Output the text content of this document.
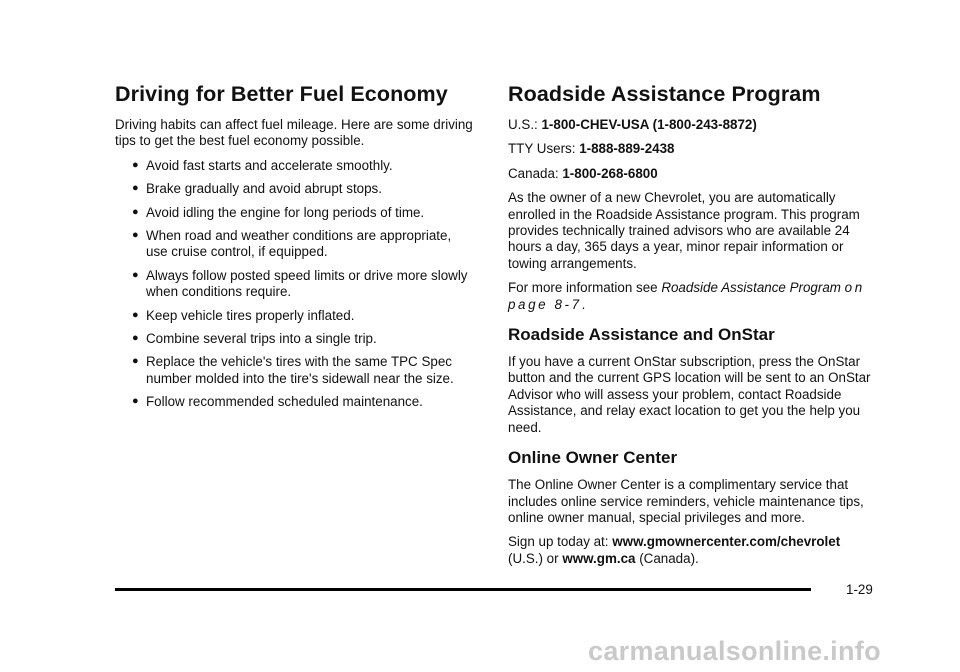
Driving for Better Fuel Economy

Driving habits can affect fuel mileage. Here are some driving tips to get the best fuel economy possible.

● Avoid fast starts and accelerate smoothly.
● Brake gradually and avoid abrupt stops.
● Avoid idling the engine for long periods of time.
● When road and weather conditions are appropriate, use cruise control, if equipped.
● Always follow posted speed limits or drive more slowly when conditions require.
● Keep vehicle tires properly inflated.
● Combine several trips into a single trip.
● Replace the vehicle's tires with the same TPC Spec number molded into the tire's sidewall near the size.
● Follow recommended scheduled maintenance.
Roadside Assistance Program

U.S.: 1-800-CHEV-USA (1-800-243-8872)

TTY Users: 1-888-889-2438

Canada: 1-800-268-6800

As the owner of a new Chevrolet, you are automatically enrolled in the Roadside Assistance program. This program provides technically trained advisors who are available 24 hours a day, 365 days a year, minor repair information or towing arrangements.

For more information see Roadside Assistance Program on page 8-7.

Roadside Assistance and OnStar

If you have a current OnStar subscription, press the OnStar button and the current GPS location will be sent to an OnStar Advisor who will assess your problem, contact Roadside Assistance, and relay exact location to get you the help you need.

Online Owner Center

The Online Owner Center is a complimentary service that includes online service reminders, vehicle maintenance tips, online owner manual, special privileges and more.

Sign up today at: www.gmownercenter.com/chevrolet (U.S.) or www.gm.ca (Canada).

1-29
carmanualsonline.info
